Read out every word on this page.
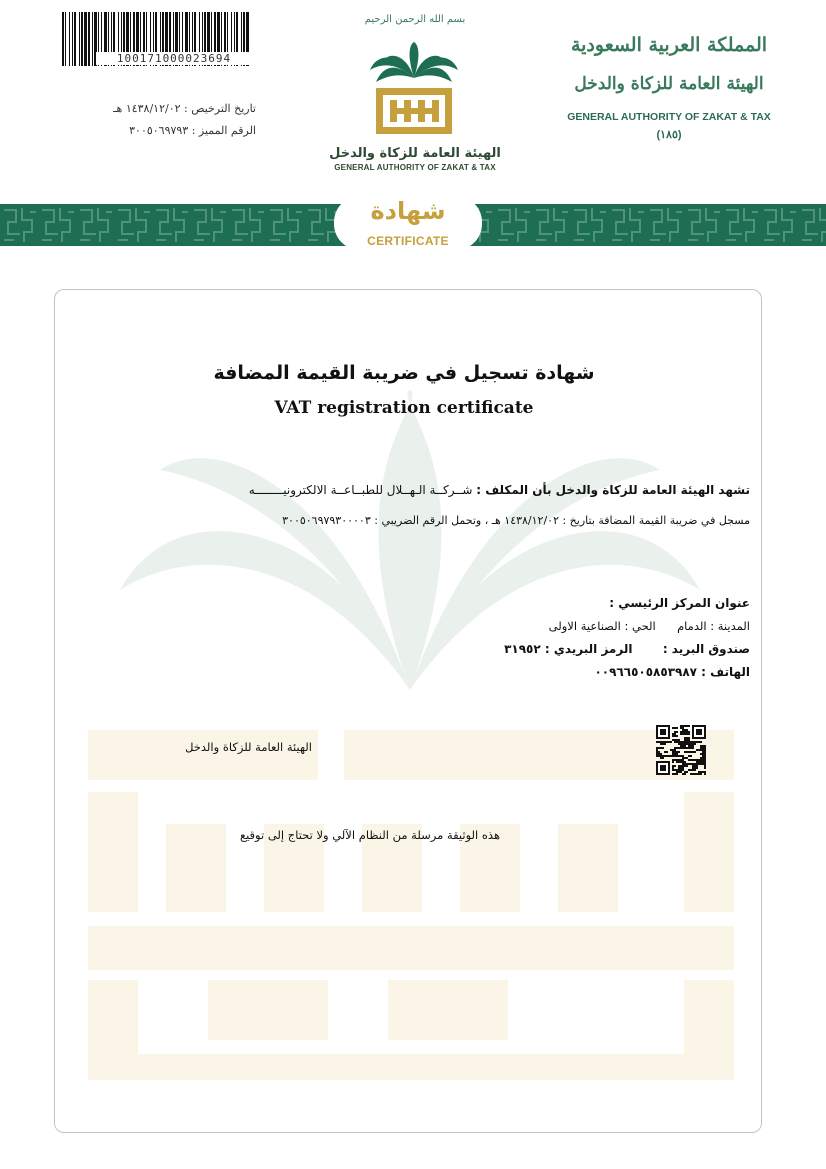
100171000023694
تاريخ الترخيص : ١٤٣٨/١٢/٠٢ هـ
الرقم المميز : ٣٠٠٥٠٦٩٧٩٣
بسم الله الرحمن الرحيم
الهيئة العامة للزكاة والدخل
GENERAL AUTHORITY OF ZAKAT & TAX
المملكة العربية السعودية
الهيئة العامة للزكاة والدخل
GENERAL AUTHORITY OF ZAKAT & TAX
(١٨٥)
شهادة
CERTIFICATE
شهادة تسجيل في ضريبة القيمة المضافة
VAT registration certificate
تشهد الهيئة العامة للزكاة والدخل بأن المكلف : شــركــة الـهــلال للطبــاعــة الالكترونيــــــــه
مسجل في ضريبة القيمة المضافة بتاريخ : ١٤٣٨/١٢/٠٢ هـ ، وتحمل الرقم الضريبي : ٣٠٠٥٠٦٩٧٩٣٠٠٠٠٣
عنوان المركز الرئيسي :
المدينة : الدمام  الحي : الصناعية الاولى
صندوق البريد :  الرمز البريدي : ٣١٩٥٢
الهاتف : ٠٠٩٦٦٥٠٥٨٥٣٩٨٧
الهيئة العامة للزكاة والدخل
هذه الوثيقة مرسلة من النظام الآلي ولا تحتاج إلى توقيع
